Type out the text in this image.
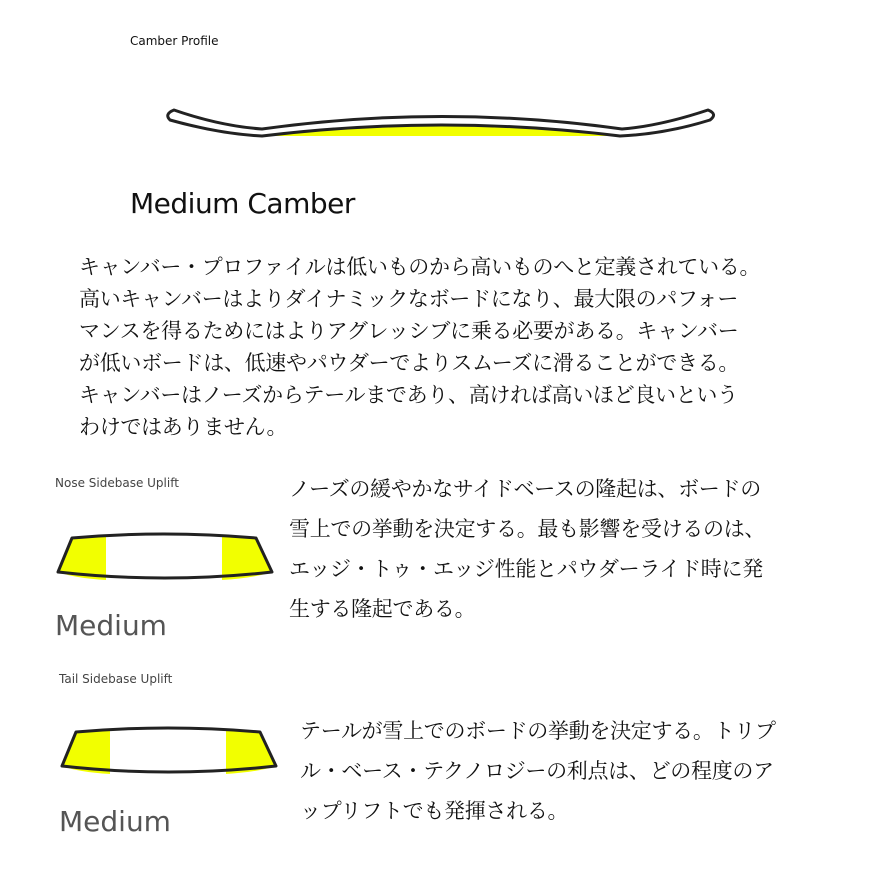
Camber Profile
Medium Camber
キャンバー・プロファイルは低いものから高いものへと定義されている。
高いキャンバーはよりダイナミックなボードになり、最大限のパフォー
マンスを得るためにはよりアグレッシブに乗る必要がある。キャンバー
が低いボードは、低速やパウダーでよりスムーズに滑ることができる。
キャンバーはノーズからテールまであり、高ければ高いほど良いという
わけではありません。
Nose Sidebase Uplift
Medium
ノーズの緩やかなサイドベースの隆起は、ボードの
雪上での挙動を決定する。最も影響を受けるのは、
エッジ・トゥ・エッジ性能とパウダーライド時に発
生する隆起である。
Tail Sidebase Uplift
Medium
テールが雪上でのボードの挙動を決定する。トリプ
ル・ベース・テクノロジーの利点は、どの程度のア
ップリフトでも発揮される。
